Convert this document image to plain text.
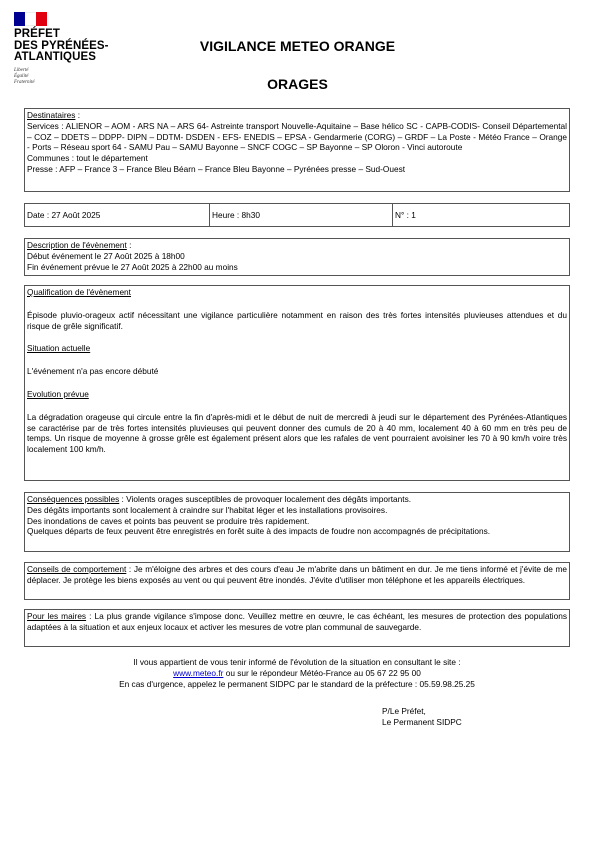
PRÉFET
DES PYRÉNÉES-
ATLANTIQUES
Liberté
Égalité
Fraternité
VIGILANCE METEO ORANGE
ORAGES

Destinataires :

Services : ALIENOR – AOM - ARS NA – ARS 64- Astreinte transport Nouvelle-Aquitaine – Base hélico SC - CAPB-CODIS- Conseil Départemental – COZ – DDETS – DDPP- DIPN – DDTM- DSDEN - EFS- ENEDIS – EPSA - Gendarmerie (CORG) – GRDF – La Poste - Météo France – Orange - Ports – Réseau sport 64 - SAMU Pau – SAMU Bayonne – SNCF COGC – SP Bayonne – SP Oloron - Vinci autoroute

Communes : tout le département

Presse : AFP – France 3 – France Bleu Béarn – France Bleu Bayonne – Pyrénées presse – Sud-Ouest

Date : 27 Août 2025	Heure : 8h30	N° : 1

Description de l'évènement :

Début événement le 27 Août 2025 à 18h00

Fin événement prévue le 27 Août 2025 à 22h00 au moins

Qualification de l'évènement

Épisode pluvio-orageux actif nécessitant une vigilance particulière notamment en raison des très fortes intensités pluvieuses attendues et du risque de grêle significatif.

Situation actuelle

L'événement n'a pas encore débuté

Evolution prévue

La dégradation orageuse qui circule entre la fin d'après-midi et le début de nuit de mercredi à jeudi sur le département des Pyrénées-Atlantiques se caractérise par de très fortes intensités pluvieuses qui peuvent donner des cumuls de 20 à 40 mm, localement 40 à 60 mm en très peu de temps. Un risque de moyenne à grosse grêle est également présent alors que les rafales de vent pourraient avoisiner les 70 à 90 km/h voire très localement 100 km/h.

Conséquences possibles : Violents orages susceptibles de provoquer localement des dégâts importants.

Des dégâts importants sont localement à craindre sur l'habitat léger et les installations provisoires.

Des inondations de caves et points bas peuvent se produire très rapidement.

Quelques départs de feux peuvent être enregistrés en forêt suite à des impacts de foudre non accompagnés de précipitations.

Conseils de comportement : Je m'éloigne des arbres et des cours d'eau Je m'abrite dans un bâtiment en dur. Je me tiens informé et j'évite de me déplacer. Je protège les biens exposés au vent ou qui peuvent être inondés. J'évite d'utiliser mon téléphone et les appareils électriques.

Pour les maires : La plus grande vigilance s'impose donc. Veuillez mettre en œuvre, le cas échéant, les mesures de protection des populations adaptées à la situation et aux enjeux locaux et activer les mesures de votre plan communal de sauvegarde.

Il vous appartient de vous tenir informé de l'évolution de la situation en consultant le site :
www.meteo.fr ou sur le répondeur Météo-France au 05 67 22 95 00
En cas d'urgence, appelez le permanent SIDPC par le standard de la préfecture : 05.59.98.25.25
P/Le Préfet,
Le Permanent SIDPC
